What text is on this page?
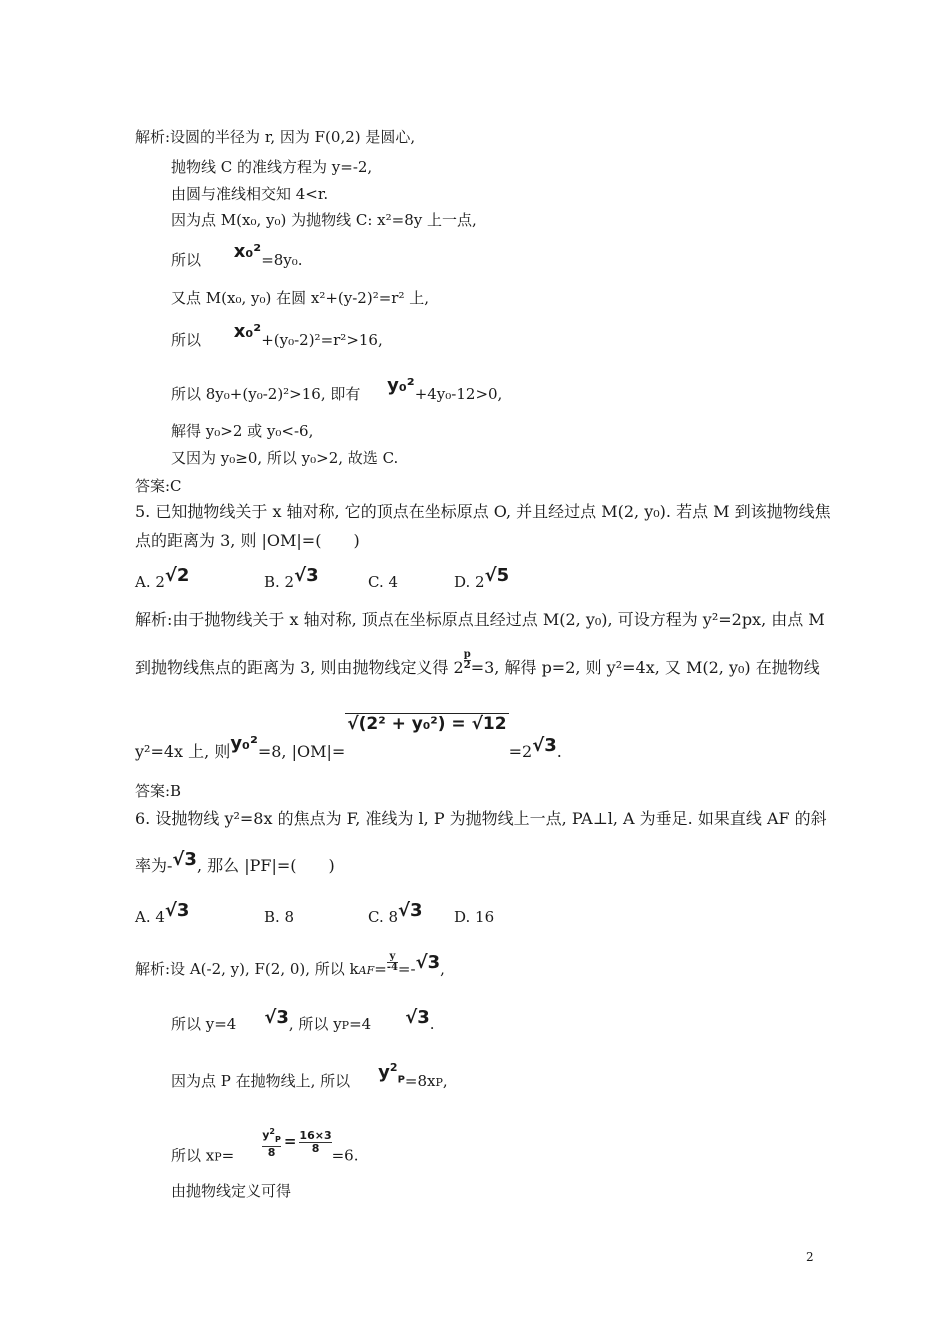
解析:设圆的半径为 r, 因为 F(0,2) 是圆心,
抛物线 C 的准线方程为 y=-2,
由圆与准线相交知 4<r.
因为点 M(x₀, y₀) 为抛物线 C: x²=8y 上一点,
所以 x₀²=8y₀.
又点 M(x₀, y₀) 在圆 x²+(y-2)²=r² 上,
所以 x₀²+(y₀-2)²=r²>16,
所以 8y₀+(y₀-2)²>16, 即有 y₀²+4y₀-12>0,
解得 y₀>2 或 y₀<-6,
又因为 y₀≥0, 所以 y₀>2, 故选 C.
答案:C
5. 已知抛物线关于 x 轴对称, 它的顶点在坐标原点 O, 并且经过点 M(2, y₀). 若点 M 到该抛物线焦
点的距离为 3, 则 |OM|=(　　)
A. 2√2	B. 2√3	C. 4	D. 2√5
解析:由于抛物线关于 x 轴对称, 顶点在坐标原点且经过点 M(2, y₀), 可设方程为 y²=2px, 由点 M
到抛物线焦点的距离为 3, 则由抛物线定义得 $2 \frac{p}{2} =3$, 解得 p=2, 则 y²=4x, 又 M(2, y₀) 在抛物线
y²=4x 上, 则y₀²=8, |OM|=√(2² + y₀²) = √12=2√3.
答案:B
6. 设抛物线 y²=8x 的焦点为 F, 准线为 l, P 为抛物线上一点, PA⊥l, A 为垂足. 如果直线 AF 的斜
率为-√3, 那么 |PF|=(　　)
A. 4√3	B. 8	C. 8√3 D. 16
解析:设 A(-2, y), F(2, 0), 所以 $kAF= \frac{y}{-4} =-√3$,
所以 y=4 √3, 所以 yP=4 √3.
因为点 P 在抛物线上, 所以 $y^2_P=8xP$,
所以 xP=	$\frac{y^2_P}{8} = \frac{16\times 3}{8}$
=6.
由抛物线定义可得
2
